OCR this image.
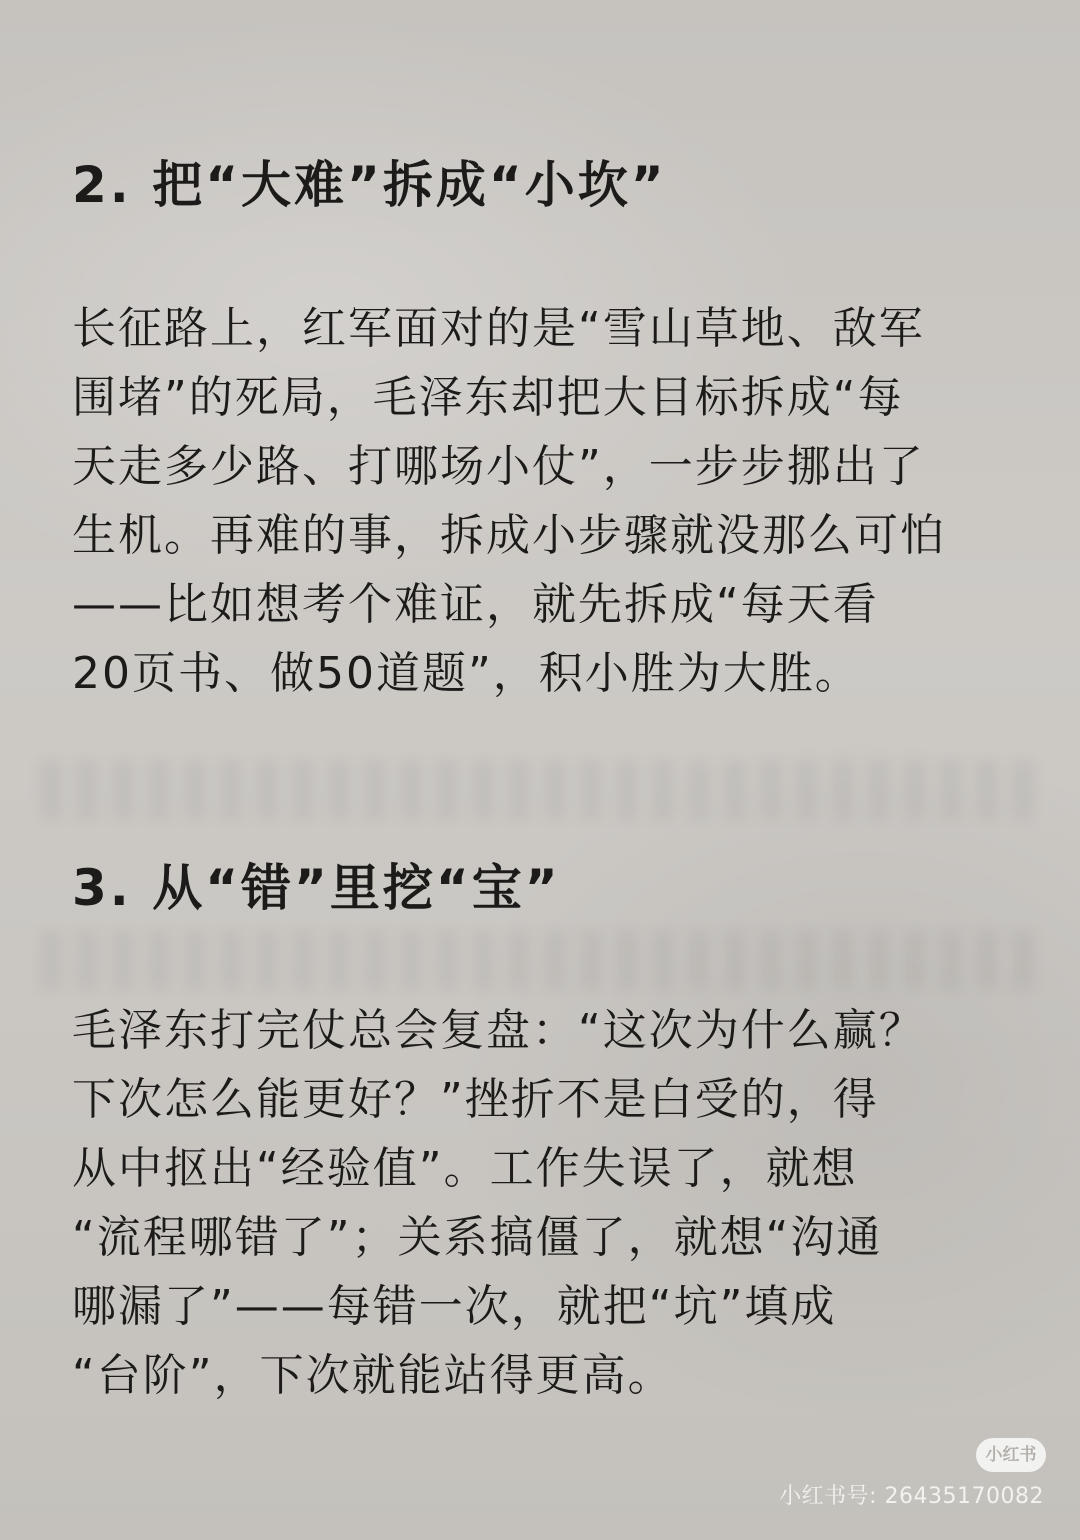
2. 把“大难”拆成“小坎”
长征路上，红军面对的是“雪山草地、敌军
围堵”的死局，毛泽东却把大目标拆成“每
天走多少路、打哪场小仗”，一步步挪出了
生机。再难的事，拆成小步骤就没那么可怕
——比如想考个难证，就先拆成“每天看
20页书、做50道题”，积小胜为大胜。
3. 从“错”里挖“宝”
毛泽东打完仗总会复盘：“这次为什么赢？
下次怎么能更好？”挫折不是白受的，得
从中抠出“经验值”。工作失误了，就想
“流程哪错了”；关系搞僵了，就想“沟通
哪漏了”——每错一次，就把“坑”填成
“台阶”，下次就能站得更高。
小红书
小红书号: 26435170082
